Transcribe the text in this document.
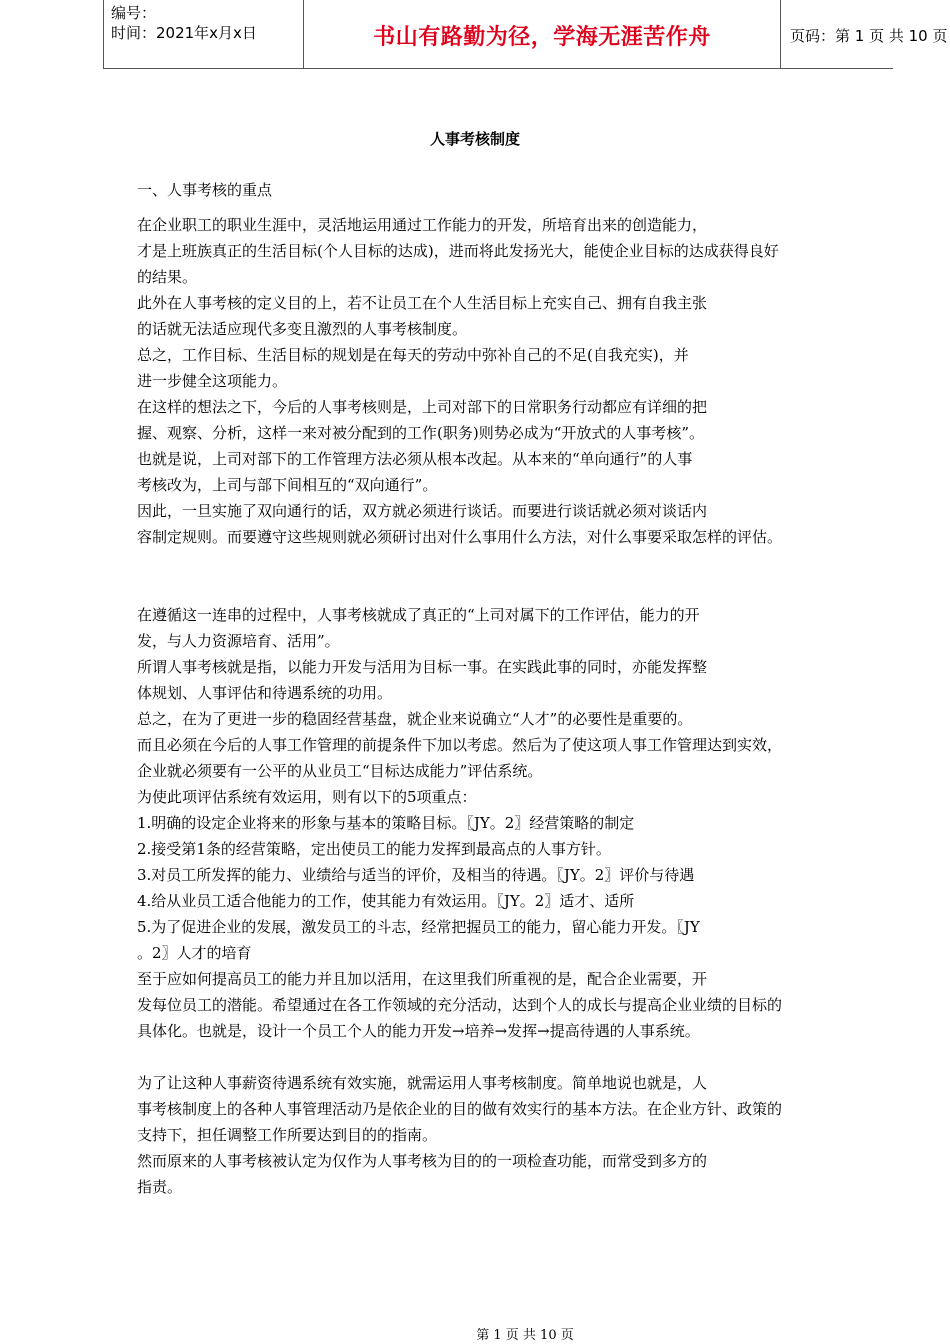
编号：
时间：2021年x月x日	书山有路勤为径，学海无涯苦作舟	页码：第 1 页 共 10 页
人事考核制度
一、人事考核的重点
在企业职工的职业生涯中，灵活地运用通过工作能力的开发，所培育出来的创造能力，
才是上班族真正的生活目标(个人目标的达成)，进而将此发扬光大，能使企业目标的达成获得良好
的结果。
此外在人事考核的定义目的上，若不让员工在个人生活目标上充实自己、拥有自我主张
的话就无法适应现代多变且激烈的人事考核制度。
总之，工作目标、生活目标的规划是在每天的劳动中弥补自己的不足(自我充实)，并
进一步健全这项能力。
在这样的想法之下，今后的人事考核则是，上司对部下的日常职务行动都应有详细的把
握、观察、分析，这样一来对被分配到的工作(职务)则势必成为“开放式的人事考核”。
也就是说，上司对部下的工作管理方法必须从根本改起。从本来的“单向通行”的人事
考核改为，上司与部下间相互的“双向通行”。
因此，一旦实施了双向通行的话，双方就必须进行谈话。而要进行谈话就必须对谈话内
容制定规则。而要遵守这些规则就必须研讨出对什么事用什么方法，对什么事要采取怎样的评估。
在遵循这一连串的过程中，人事考核就成了真正的“上司对属下的工作评估，能力的开
发，与人力资源培育、活用”。
所谓人事考核就是指，以能力开发与活用为目标一事。在实践此事的同时，亦能发挥整
体规划、人事评估和待遇系统的功用。
总之，在为了更进一步的稳固经营基盘，就企业来说确立“人才”的必要性是重要的。
而且必须在今后的人事工作管理的前提条件下加以考虑。然后为了使这项人事工作管理达到实效，
企业就必须要有一公平的从业员工“目标达成能力”评估系统。
为使此项评估系统有效运用，则有以下的5项重点：
1.明确的设定企业将来的形象与基本的策略目标。〖JY。2〗经营策略的制定
2.接受第1条的经营策略，定出使员工的能力发挥到最高点的人事方针。
3.对员工所发挥的能力、业绩给与适当的评价，及相当的待遇。〖JY。2〗评价与待遇
4.给从业员工适合他能力的工作，使其能力有效运用。〖JY。2〗适才、适所
5.为了促进企业的发展，激发员工的斗志，经常把握员工的能力，留心能力开发。〖JY
。2〗人才的培育
至于应如何提高员工的能力并且加以活用，在这里我们所重视的是，配合企业需要，开
发每位员工的潜能。希望通过在各工作领域的充分活动，达到个人的成长与提高企业业绩的目标的
具体化。也就是，设计一个员工个人的能力开发→培养→发挥→提高待遇的人事系统。
为了让这种人事薪资待遇系统有效实施，就需运用人事考核制度。简单地说也就是，人
事考核制度上的各种人事管理活动乃是依企业的目的做有效实行的基本方法。在企业方针、政策的
支持下，担任调整工作所要达到目的的指南。
然而原来的人事考核被认定为仅作为人事考核为目的的一项检查功能，而常受到多方的
指责。
第 1 页 共 10 页
